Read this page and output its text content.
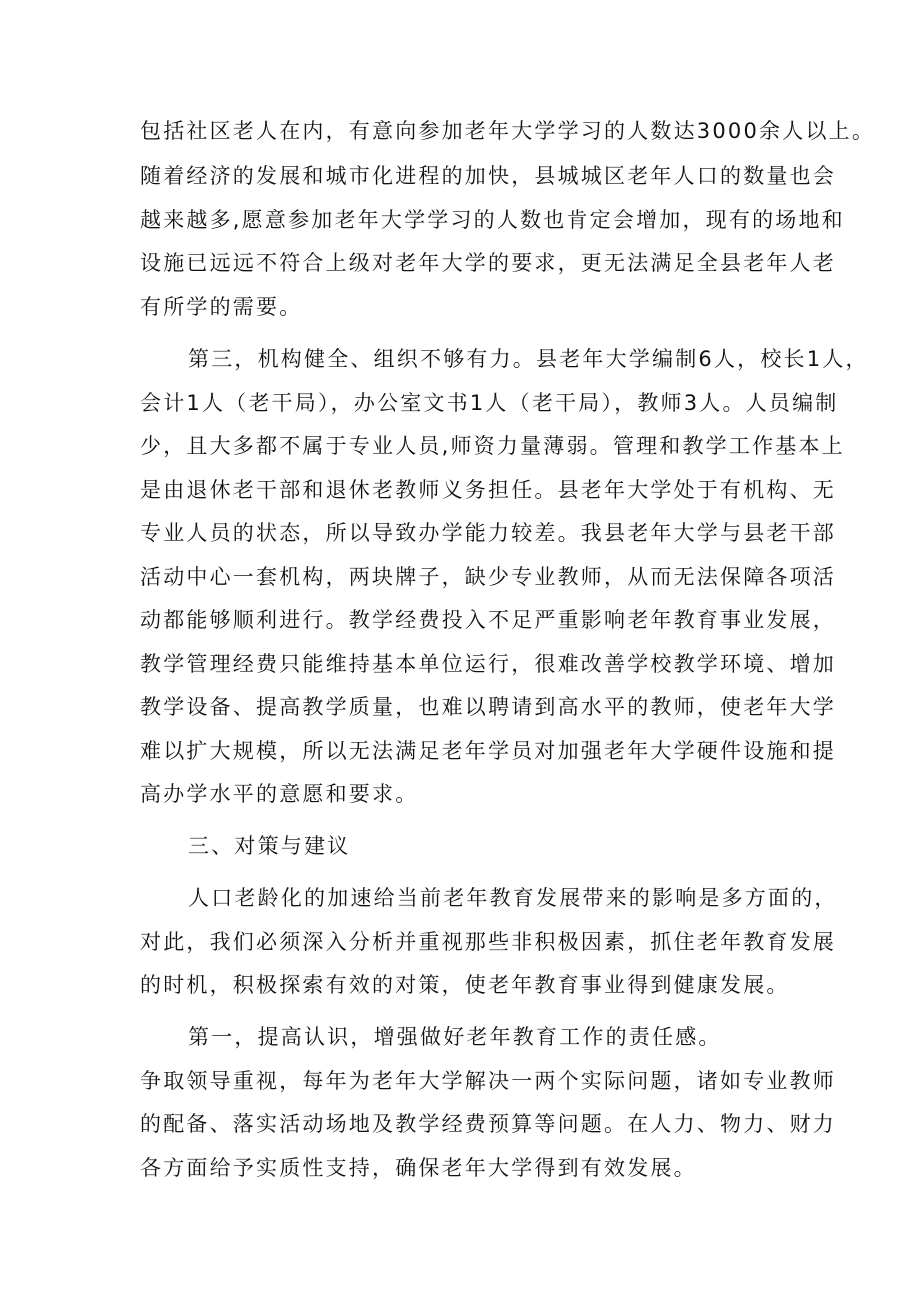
包括社区老人在内，有意向参加老年大学学习的人数达3000余人以上。
随着经济的发展和城市化进程的加快，县城城区老年人口的数量也会
越来越多,愿意参加老年大学学习的人数也肯定会增加，现有的场地和
设施已远远不符合上级对老年大学的要求，更无法满足全县老年人老
有所学的需要。
第三，机构健全、组织不够有力。县老年大学编制6人，校长1人，
会计1人（老干局），办公室文书1人（老干局），教师3人。人员编制
少，且大多都不属于专业人员,师资力量薄弱。管理和教学工作基本上
是由退休老干部和退休老教师义务担任。县老年大学处于有机构、无
专业人员的状态，所以导致办学能力较差。我县老年大学与县老干部
活动中心一套机构，两块牌子，缺少专业教师，从而无法保障各项活
动都能够顺利进行。教学经费投入不足严重影响老年教育事业发展，
教学管理经费只能维持基本单位运行，很难改善学校教学环境、增加
教学设备、提高教学质量，也难以聘请到高水平的教师，使老年大学
难以扩大规模，所以无法满足老年学员对加强老年大学硬件设施和提
高办学水平的意愿和要求。
三、对策与建议
人口老龄化的加速给当前老年教育发展带来的影响是多方面的，
对此，我们必须深入分析并重视那些非积极因素，抓住老年教育发展
的时机，积极探索有效的对策，使老年教育事业得到健康发展。
第一，提高认识，增强做好老年教育工作的责任感。
争取领导重视，每年为老年大学解决一两个实际问题，诸如专业教师
的配备、落实活动场地及教学经费预算等问题。在人力、物力、财力
各方面给予实质性支持，确保老年大学得到有效发展。
